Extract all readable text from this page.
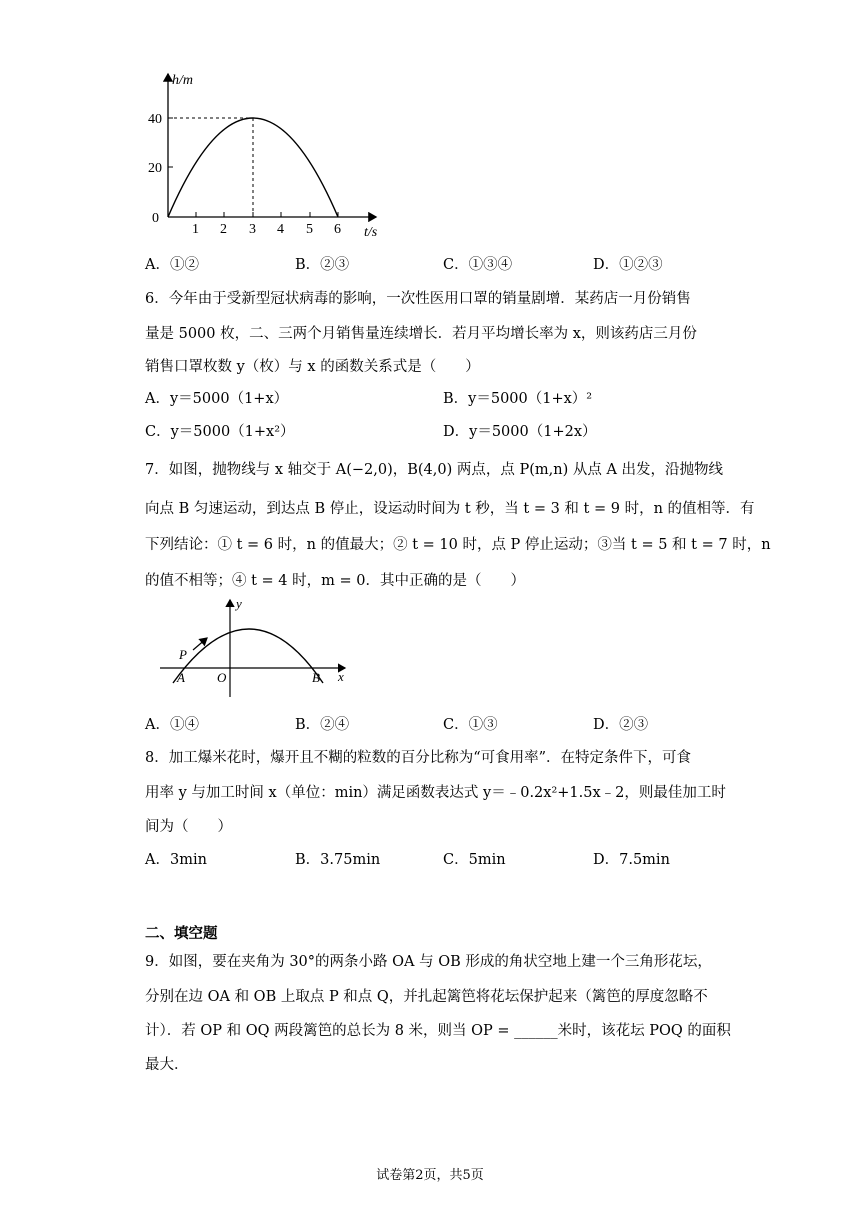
h/m
t/s
40
20
0
1 2 3 4 5 6
A．①②	B．②③	C．①③④	D．①②③
6．今年由于受新型冠状病毒的影响，一次性医用口罩的销量剧增．某药店一月份销售
量是 5000 枚，二、三两个月销售量连续增长．若月平均增长率为 x，则该药店三月份
销售口罩枚数 y（枚）与 x 的函数关系式是（　　）
A．y＝5000（1+x）	B．y＝5000（1+x）²
C．y＝5000（1+x²）	D．y＝5000（1+2x）
7．如图，抛物线与 x 轴交于 A(−2,0)，B(4,0) 两点，点 P(m,n) 从点 A 出发，沿抛物线
向点 B 匀速运动，到达点 B 停止，设运动时间为 t 秒，当 t = 3 和 t = 9 时，n 的值相等．有
下列结论：① t = 6 时，n 的值最大；② t = 10 时，点 P 停止运动；③当 t = 5 和 t = 7 时，n
的值不相等；④ t = 4 时，m = 0．其中正确的是（　　）
y
x
P
A O	B
A．①④	B．②④	C．①③	D．②③
8．加工爆米花时，爆开且不糊的粒数的百分比称为“可食用率”．在特定条件下，可食
用率 y 与加工时间 x（单位：min）满足函数表达式 y＝﹣0.2x²+1.5x﹣2，则最佳加工时
间为（　　）
A．3min	B．3.75min	C．5min	D．7.5min
二、填空题
9．如图，要在夹角为 30°的两条小路 OA 与 OB 形成的角状空地上建一个三角形花坛，
分别在边 OA 和 OB 上取点 P 和点 Q，并扎起篱笆将花坛保护起来（篱笆的厚度忽略不
计）．若 OP 和 OQ 两段篱笆的总长为 8 米，则当 OP = ______米时，该花坛 POQ 的面积
最大．
试卷第2页，共5页
